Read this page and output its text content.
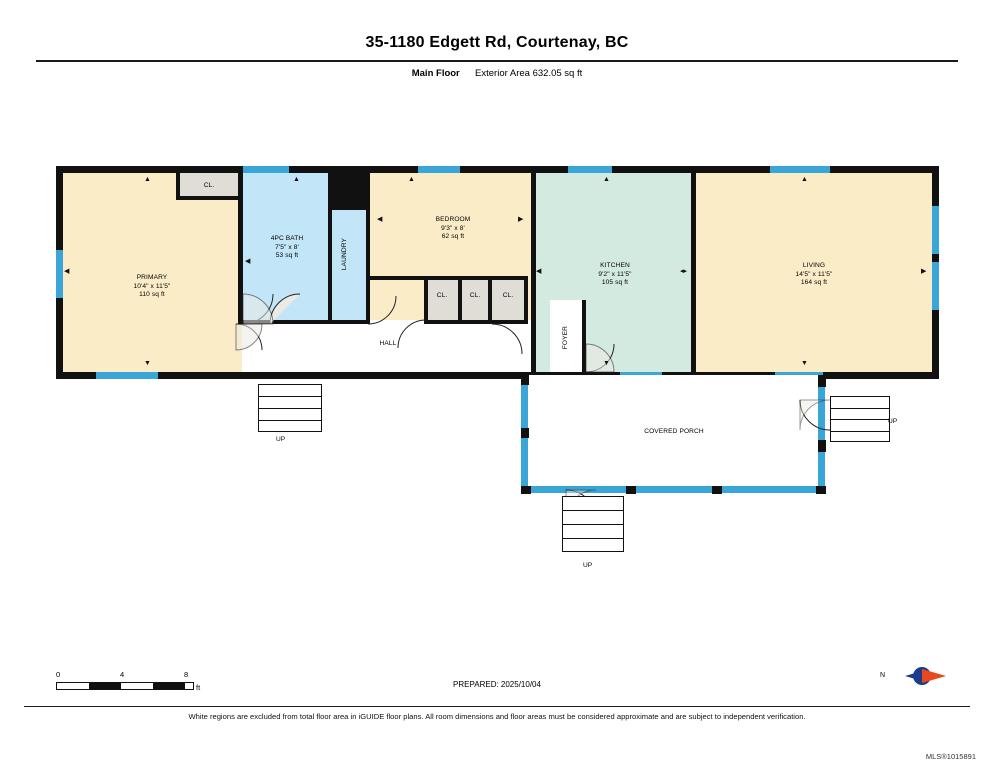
35-1180 Edgett Rd, Courtenay, BC
Main Floor Exterior Area 632.05 sq ft
PRIMARY
10'4" x 11'5"
110 sq ft
4PC BATH
7'5" x 8'
53 sq ft	LAUNDRY
BEDROOM
9'3" x 8'
62 sq ft
KITCHEN
9'2" x 11'5"
105 sq ft
LIVING
14'5" x 11'5"
164 sq ft
HALL	FOYER
COVERED PORCH
CL.
CL.	CL.	CL.
▲	▲	▲	▲	▲
◀
◀
◀	▶
◀	◂▸	▶
▼	▼	▼
UP
UP
UP
0	4	8
ft	PREPARED: 2025/10/04
N
White regions are excluded from total floor area in iGUIDE floor plans. All room dimensions and floor areas must be considered approximate and are subject to independent verification.
MLS®1015891
